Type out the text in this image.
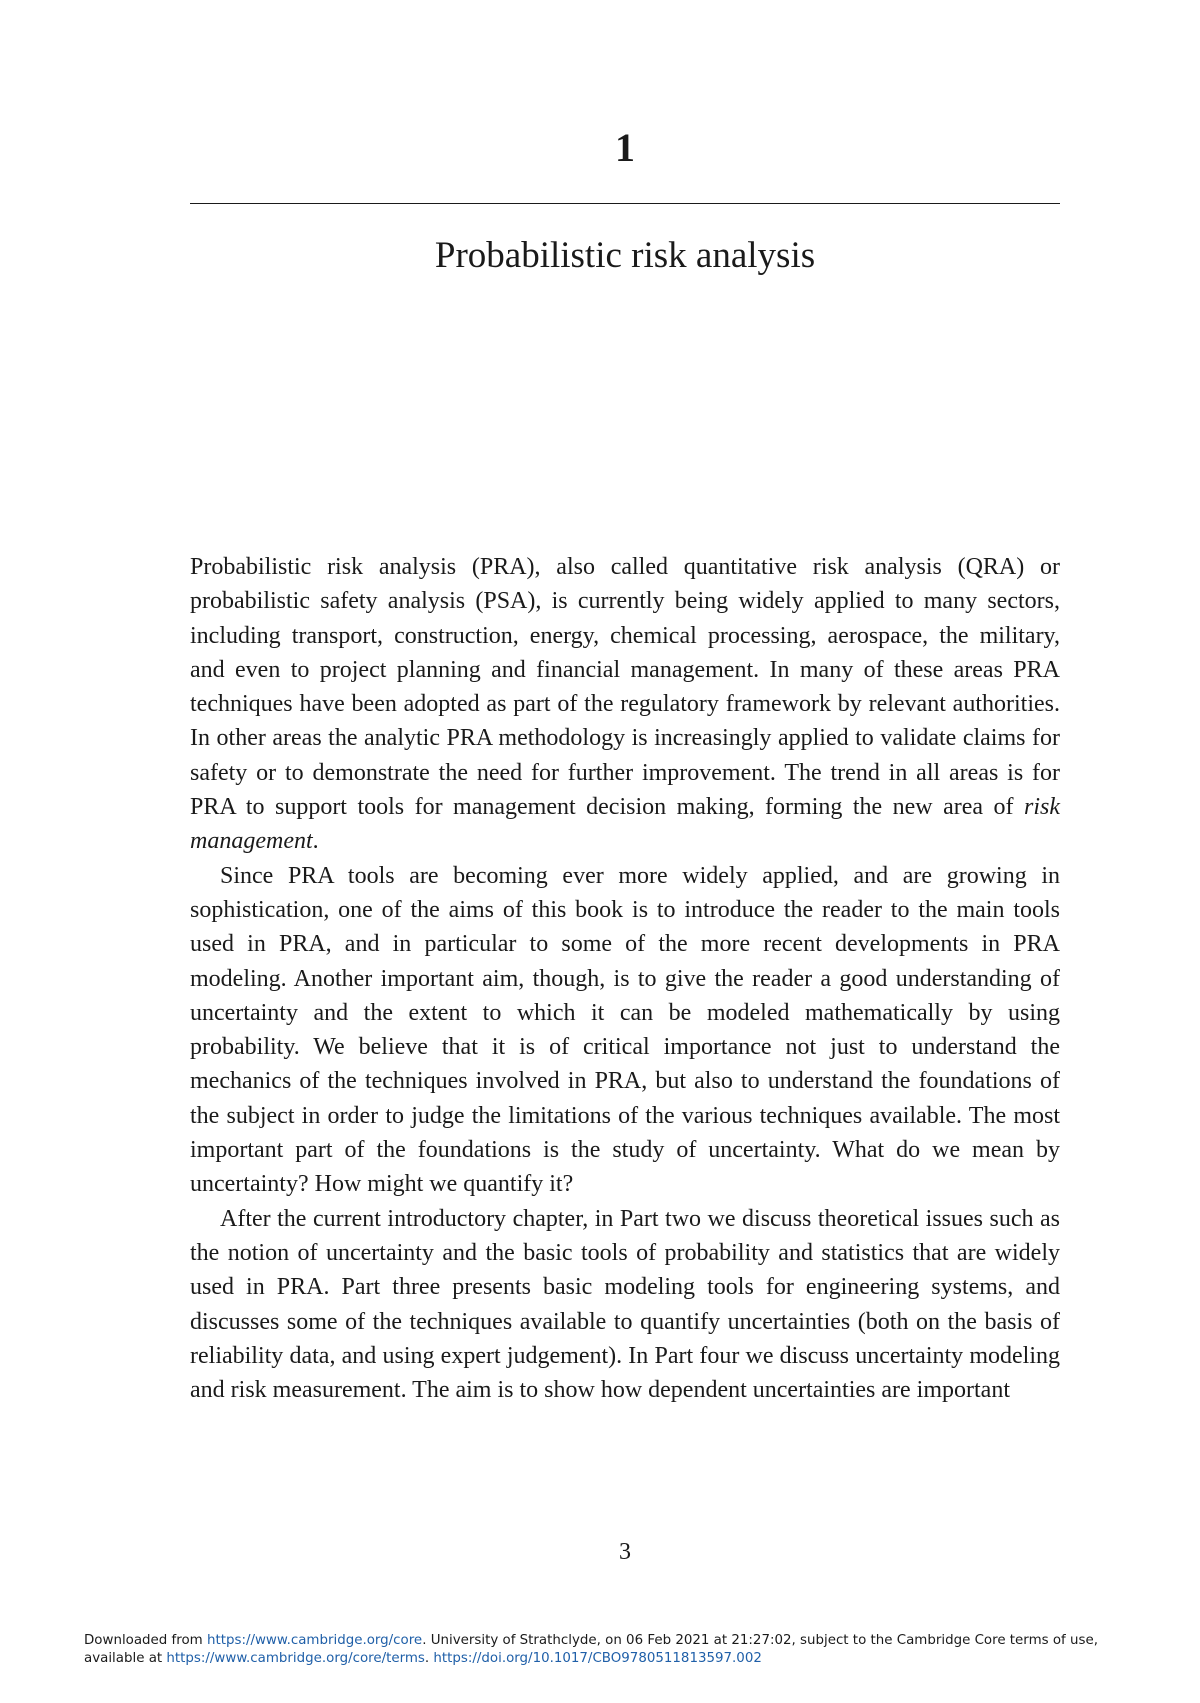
1
Probabilistic risk analysis

Probabilistic risk analysis (PRA), also called quantitative risk analysis (QRA) or probabilistic safety analysis (PSA), is currently being widely applied to many sectors, including transport, construction, energy, chemical processing, aerospace, the military, and even to project planning and financial management. In many of these areas PRA techniques have been adopted as part of the regulatory framework by relevant authorities. In other areas the analytic PRA methodology is increasingly applied to validate claims for safety or to demonstrate the need for further improvement. The trend in all areas is for PRA to support tools for management decision making, forming the new area of risk management.

Since PRA tools are becoming ever more widely applied, and are growing in sophistication, one of the aims of this book is to introduce the reader to the main tools used in PRA, and in particular to some of the more recent developments in PRA modeling. Another important aim, though, is to give the reader a good understanding of uncertainty and the extent to which it can be modeled mathematically by using probability. We believe that it is of critical importance not just to understand the mechanics of the techniques involved in PRA, but also to understand the foundations of the subject in order to judge the limitations of the various techniques available. The most important part of the foundations is the study of uncertainty. What do we mean by uncertainty? How might we quantify it?

After the current introductory chapter, in Part two we discuss theoretical issues such as the notion of uncertainty and the basic tools of probability and statistics that are widely used in PRA. Part three presents basic modeling tools for engineering systems, and discusses some of the techniques available to quantify uncertainties (both on the basis of reliability data, and using expert judgement). In Part four we discuss uncertainty modeling and risk measurement. The aim is to show how dependent uncertainties are important

3
Downloaded from https://www.cambridge.org/core. University of Strathclyde, on 06 Feb 2021 at 21:27:02, subject to the Cambridge Core terms of use,
available at https://www.cambridge.org/core/terms. https://doi.org/10.1017/CBO9780511813597.002
